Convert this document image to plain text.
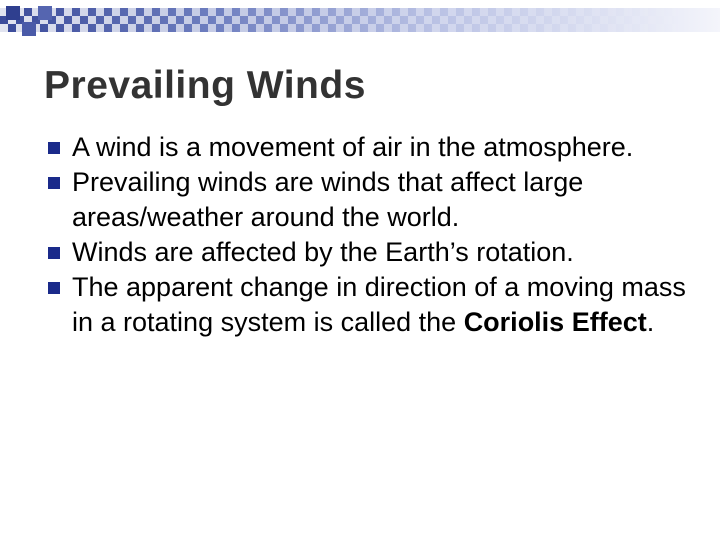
Prevailing Winds
A wind is a movement of air in the atmosphere.
Prevailing winds are winds that affect large areas/weather around the world.
Winds are affected by the Earth’s rotation.
The apparent change in direction of a moving mass in a rotating system is called the Coriolis Effect.
